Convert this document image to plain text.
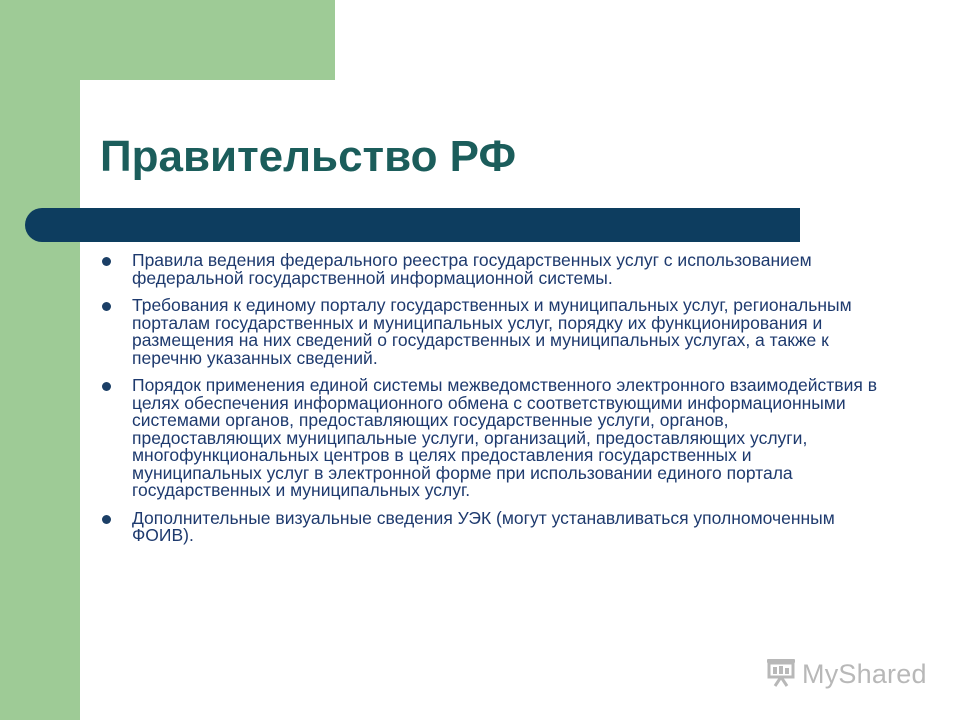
Правительство РФ
Правила ведения федерального реестра государственных услуг с использованием федеральной государственной информационной системы.
Требования к единому порталу государственных и муниципальных услуг, региональным порталам государственных и муниципальных услуг, порядку их функционирования и размещения на них сведений о государственных и муниципальных услугах, а также к перечню указанных сведений.
Порядок применения единой системы межведомственного электронного взаимодействия в целях обеспечения информационного обмена с соответствующими информационными системами органов, предоставляющих государственные услуги, органов, предоставляющих муниципальные услуги, организаций, предоставляющих услуги, многофункциональных центров в целях предоставления государственных и муниципальных услуг в электронной форме при использовании единого портала государственных и муниципальных услуг.
Дополнительные визуальные сведения УЭК (могут устанавливаться уполномоченным ФОИВ).
MyShared
